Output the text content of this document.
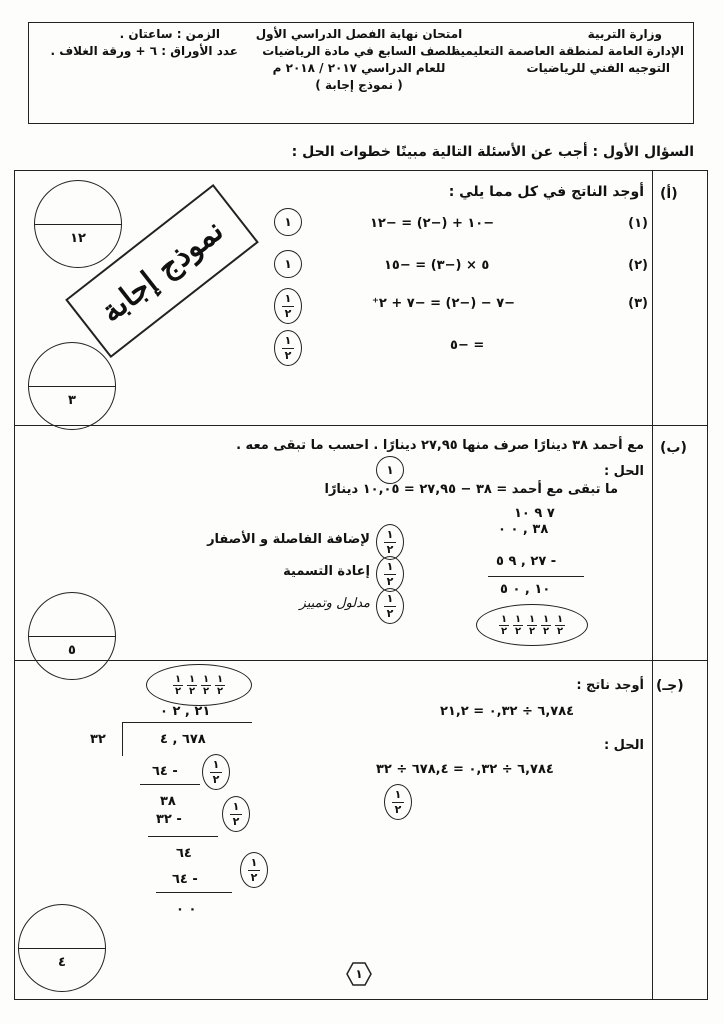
وزارة التربية
الإدارة العامة لمنطقة العاصمة التعليمية
التوجيه الفني للرياضيات
امتحان نهاية الفصل الدراسي الأول
للصف السابع في مادة الرياضيات
للعام الدراسي ٢٠١٧ / ٢٠١٨ م
( نموذج إجابة )
الزمن : ساعتان .
عدد الأوراق : ٦ + ورقة الغلاف .
السؤال الأول : أجب عن الأسئلة التالية مبينًا خطوات الحل :
(أ)
أوجد الناتج في كل مما يلي :
(١)
−١٠ + (−٢) = −١٢
١
(٢)
٥ × (−٣) = −١٥
١
(٣)
−٧ − (−٢) = −٧ + ٢⁺
١
٢
= −٥
١
٢
نموذج إجابة
١٢
٣
(ب)
مع أحمد ٣٨ دينارًا صرف منها ٢٧,٩٥ دينارًا . احسب ما تبقى معه .
الحل :
ما تبقى مع أحمد = ٣٨ − ٢٧,٩٥ = ١٠,٠٥ دينارًا
١
٧ ٩ ١٠
٣٨ , ٠ ٠
٢٧ , ٩ ٥ -
١٠ , ٠ ٥
$\frac{١}{٢} \frac{١}{٢} \frac{١}{٢} \frac{١}{٢} \frac{١}{٢}$
١
٢
لإضافة الفاصلة و الأصفار
١
٢
إعادة التسمية
١
٢
مدلول وتمييز
٥
(جـ)
أوجد ناتج :
٦,٧٨٤ ÷ ٠,٣٢ = ٢١,٢
الحل :
٦,٧٨٤ ÷ ٠,٣٢ = ٦٧٨,٤ ÷ ٣٢
١
٢
$\frac{١}{٢} \frac{١}{٢} \frac{١}{٢} \frac{١}{٢}$
٢١ , ٢ ٠
٣٢	٦٧٨ , ٤
٦٤ -	١
٢
٣٨
٣٢ -
١
٢
٦٤
٦٤ -
١
٢
٠ ٠
٤
١
